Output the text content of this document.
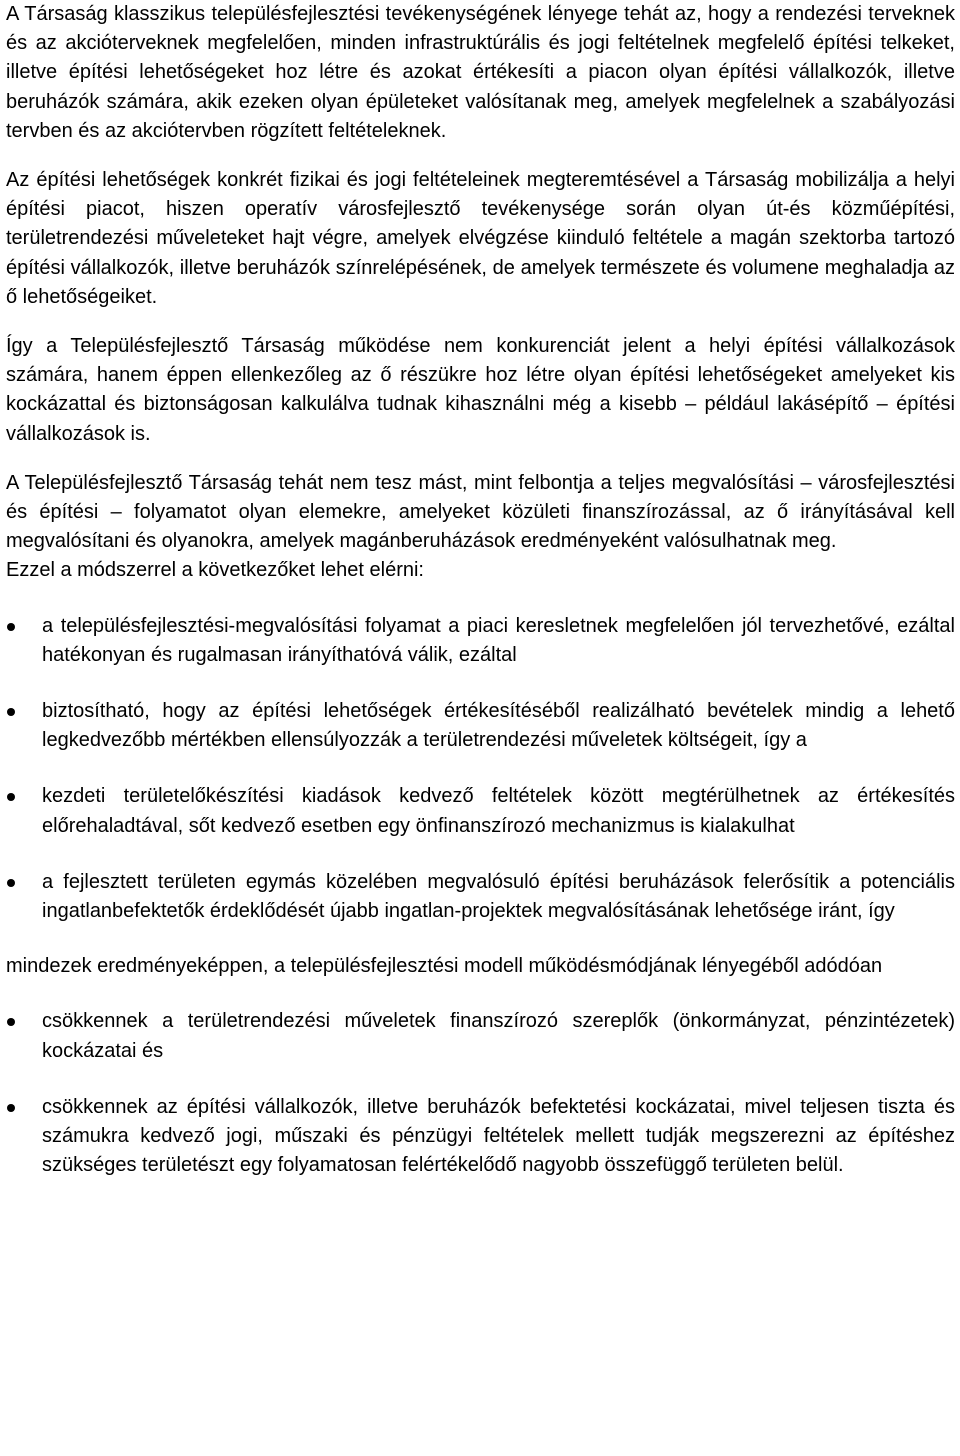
A Társaság klasszikus településfejlesztési tevékenységének lényege tehát az, hogy a rendezési terveknek és az akcióterveknek megfelelően, minden infrastruktúrális és jogi feltételnek megfelelő építési telkeket, illetve építési lehetőségeket hoz létre és azokat értékesíti a piacon olyan építési vállalkozók, illetve beruházók számára, akik ezeken olyan épületeket valósítanak meg, amelyek megfelelnek a szabályozási tervben és az akciótervben rögzített feltételeknek.

Az építési lehetőségek konkrét fizikai és jogi feltételeinek megteremtésével a Társaság mobilizálja a helyi építési piacot, hiszen operatív városfejlesztő tevékenysége során olyan út-és közműépítési, területrendezési műveleteket hajt végre, amelyek elvégzése kiinduló feltétele a magán szektorba tartozó építési vállalkozók, illetve beruházók színrelépésének, de amelyek természete és volumene meghaladja az ő lehetőségeiket.

Így a Településfejlesztő Társaság működése nem konkurenciát jelent a helyi építési vállalkozások számára, hanem éppen ellenkezőleg az ő részükre hoz létre olyan építési lehetőségeket amelyeket kis kockázattal és biztonságosan kalkulálva tudnak kihasználni még a kisebb – például lakásépítő – építési vállalkozások is.

A Településfejlesztő Társaság tehát nem tesz mást, mint felbontja a teljes megvalósítási – városfejlesztési és építési – folyamatot olyan elemekre, amelyeket közületi finanszírozással, az ő irányításával kell megvalósítani és olyanokra, amelyek magánberuházások eredményeként valósulhatnak meg.

Ezzel a módszerrel a következőket lehet elérni:

a településfejlesztési-megvalósítási folyamat a piaci keresletnek megfelelően jól tervezhetővé, ezáltal hatékonyan és rugalmasan irányíthatóvá válik, ezáltal
biztosítható, hogy az építési lehetőségek értékesítéséből realizálható bevételek mindig a lehető legkedvezőbb mértékben ellensúlyozzák a területrendezési műveletek költségeit, így a
kezdeti területelőkészítési kiadások kedvező feltételek között megtérülhetnek az értékesítés előrehaladtával, sőt kedvező esetben egy önfinanszírozó mechanizmus is kialakulhat
a fejlesztett területen egymás közelében megvalósuló építési beruházások felerősítik a potenciális ingatlanbefektetők érdeklődését újabb ingatlan-projektek megvalósításának lehetősége iránt, így

mindezek eredményeképpen, a településfejlesztési modell működésmódjának lényegéből adódóan

csökkennek a területrendezési műveletek finanszírozó szereplők (önkormányzat, pénzintézetek) kockázatai és
csökkennek az építési vállalkozók, illetve beruházók befektetési kockázatai, mivel teljesen tiszta és számukra kedvező jogi, műszaki és pénzügyi feltételek mellett tudják megszerezni az építéshez szükséges területészt egy folyamatosan felértékelődő nagyobb összefüggő területen belül.
